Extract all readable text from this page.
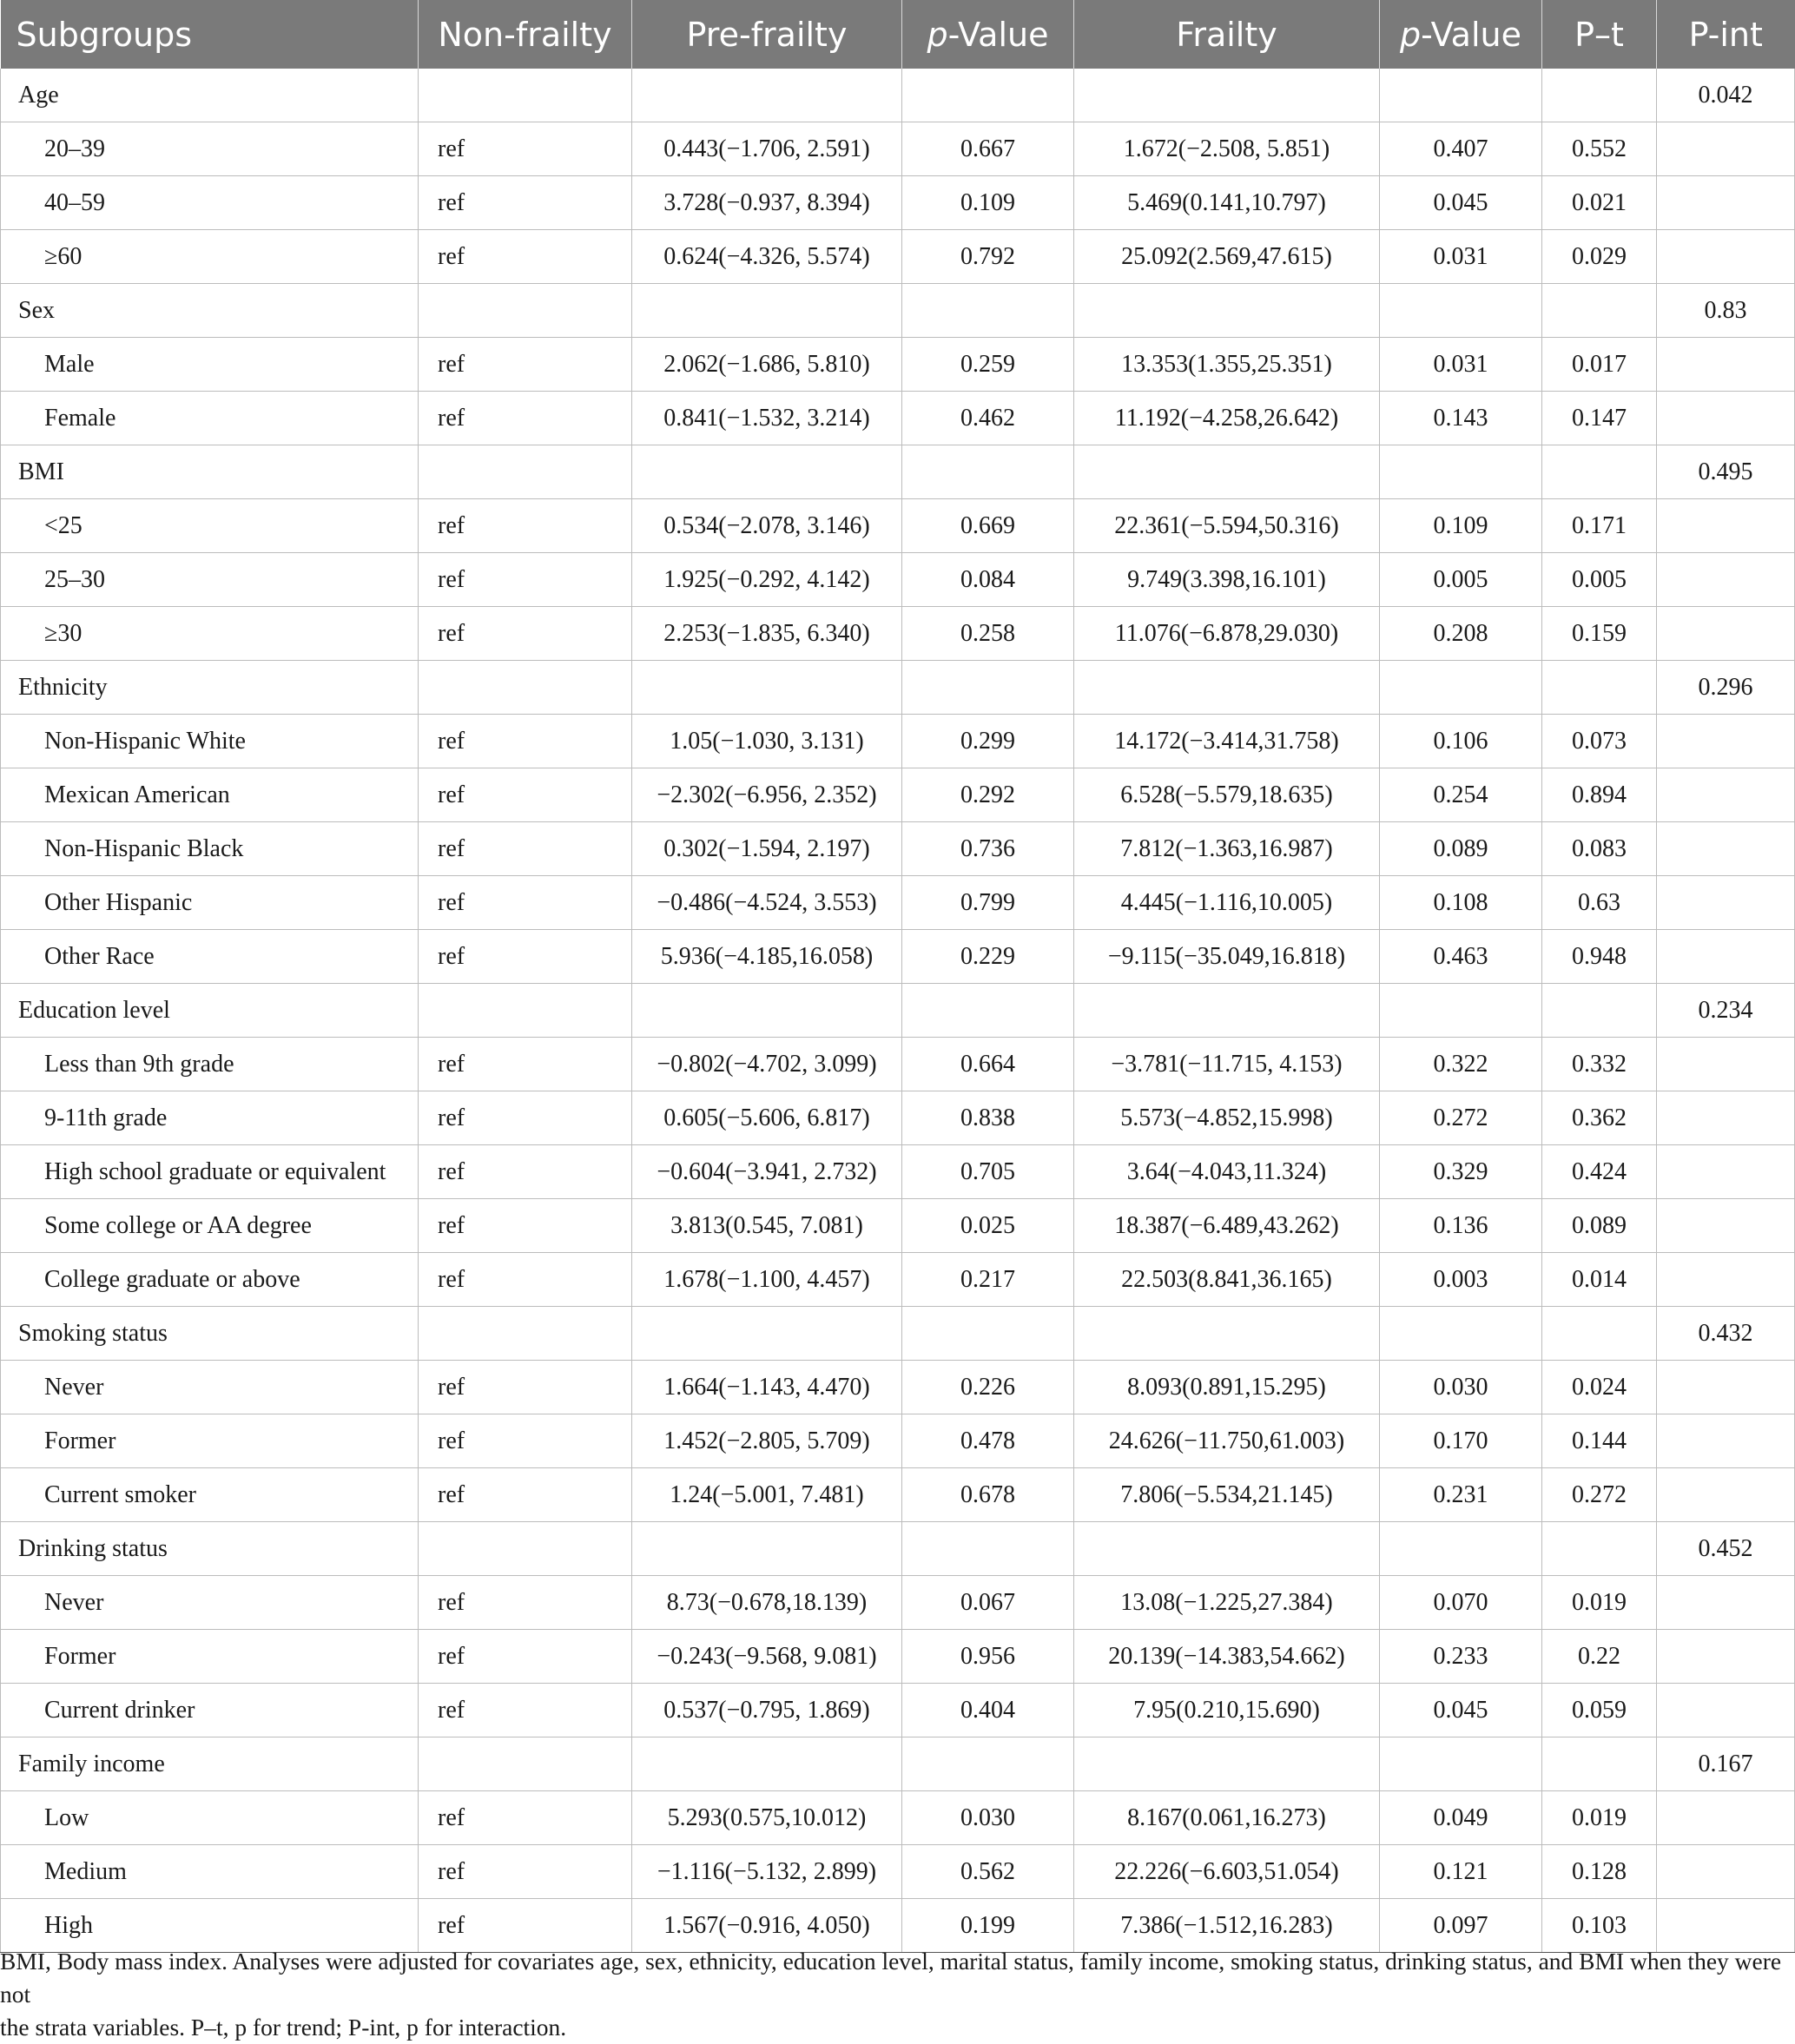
Subgroups	Non-frailty	Pre-frailty	p-Value	Frailty	p-Value	P–t	P-int
Age							0.042
20–39	ref	0.443(−1.706, 2.591)	0.667	1.672(−2.508, 5.851)	0.407	0.552	
40–59	ref	3.728(−0.937, 8.394)	0.109	5.469(0.141,10.797)	0.045	0.021	
≥60	ref	0.624(−4.326, 5.574)	0.792	25.092(2.569,47.615)	0.031	0.029	
Sex							0.83
Male	ref	2.062(−1.686, 5.810)	0.259	13.353(1.355,25.351)	0.031	0.017	
Female	ref	0.841(−1.532, 3.214)	0.462	11.192(−4.258,26.642)	0.143	0.147	
BMI							0.495
<25	ref	0.534(−2.078, 3.146)	0.669	22.361(−5.594,50.316)	0.109	0.171	
25–30	ref	1.925(−0.292, 4.142)	0.084	9.749(3.398,16.101)	0.005	0.005	
≥30	ref	2.253(−1.835, 6.340)	0.258	11.076(−6.878,29.030)	0.208	0.159	
Ethnicity							0.296
Non-Hispanic White	ref	1.05(−1.030, 3.131)	0.299	14.172(−3.414,31.758)	0.106	0.073	
Mexican American	ref	−2.302(−6.956, 2.352)	0.292	6.528(−5.579,18.635)	0.254	0.894	
Non-Hispanic Black	ref	0.302(−1.594, 2.197)	0.736	7.812(−1.363,16.987)	0.089	0.083	
Other Hispanic	ref	−0.486(−4.524, 3.553)	0.799	4.445(−1.116,10.005)	0.108	0.63	
Other Race	ref	5.936(−4.185,16.058)	0.229	−9.115(−35.049,16.818)	0.463	0.948	
Education level							0.234
Less than 9th grade	ref	−0.802(−4.702, 3.099)	0.664	−3.781(−11.715, 4.153)	0.322	0.332	
9-11th grade	ref	0.605(−5.606, 6.817)	0.838	5.573(−4.852,15.998)	0.272	0.362	
High school graduate or equivalent	ref	−0.604(−3.941, 2.732)	0.705	3.64(−4.043,11.324)	0.329	0.424	
Some college or AA degree	ref	3.813(0.545, 7.081)	0.025	18.387(−6.489,43.262)	0.136	0.089	
College graduate or above	ref	1.678(−1.100, 4.457)	0.217	22.503(8.841,36.165)	0.003	0.014	
Smoking status							0.432
Never	ref	1.664(−1.143, 4.470)	0.226	8.093(0.891,15.295)	0.030	0.024	
Former	ref	1.452(−2.805, 5.709)	0.478	24.626(−11.750,61.003)	0.170	0.144	
Current smoker	ref	1.24(−5.001, 7.481)	0.678	7.806(−5.534,21.145)	0.231	0.272	
Drinking status							0.452
Never	ref	8.73(−0.678,18.139)	0.067	13.08(−1.225,27.384)	0.070	0.019	
Former	ref	−0.243(−9.568, 9.081)	0.956	20.139(−14.383,54.662)	0.233	0.22	
Current drinker	ref	0.537(−0.795, 1.869)	0.404	7.95(0.210,15.690)	0.045	0.059	
Family income							0.167
Low	ref	5.293(0.575,10.012)	0.030	8.167(0.061,16.273)	0.049	0.019	
Medium	ref	−1.116(−5.132, 2.899)	0.562	22.226(−6.603,51.054)	0.121	0.128	
High	ref	1.567(−0.916, 4.050)	0.199	7.386(−1.512,16.283)	0.097	0.103	
BMI, Body mass index. Analyses were adjusted for covariates age, sex, ethnicity, education level, marital status, family income, smoking status, drinking status, and BMI when they were not
the strata variables. P–t, p for trend; P-int, p for interaction.
